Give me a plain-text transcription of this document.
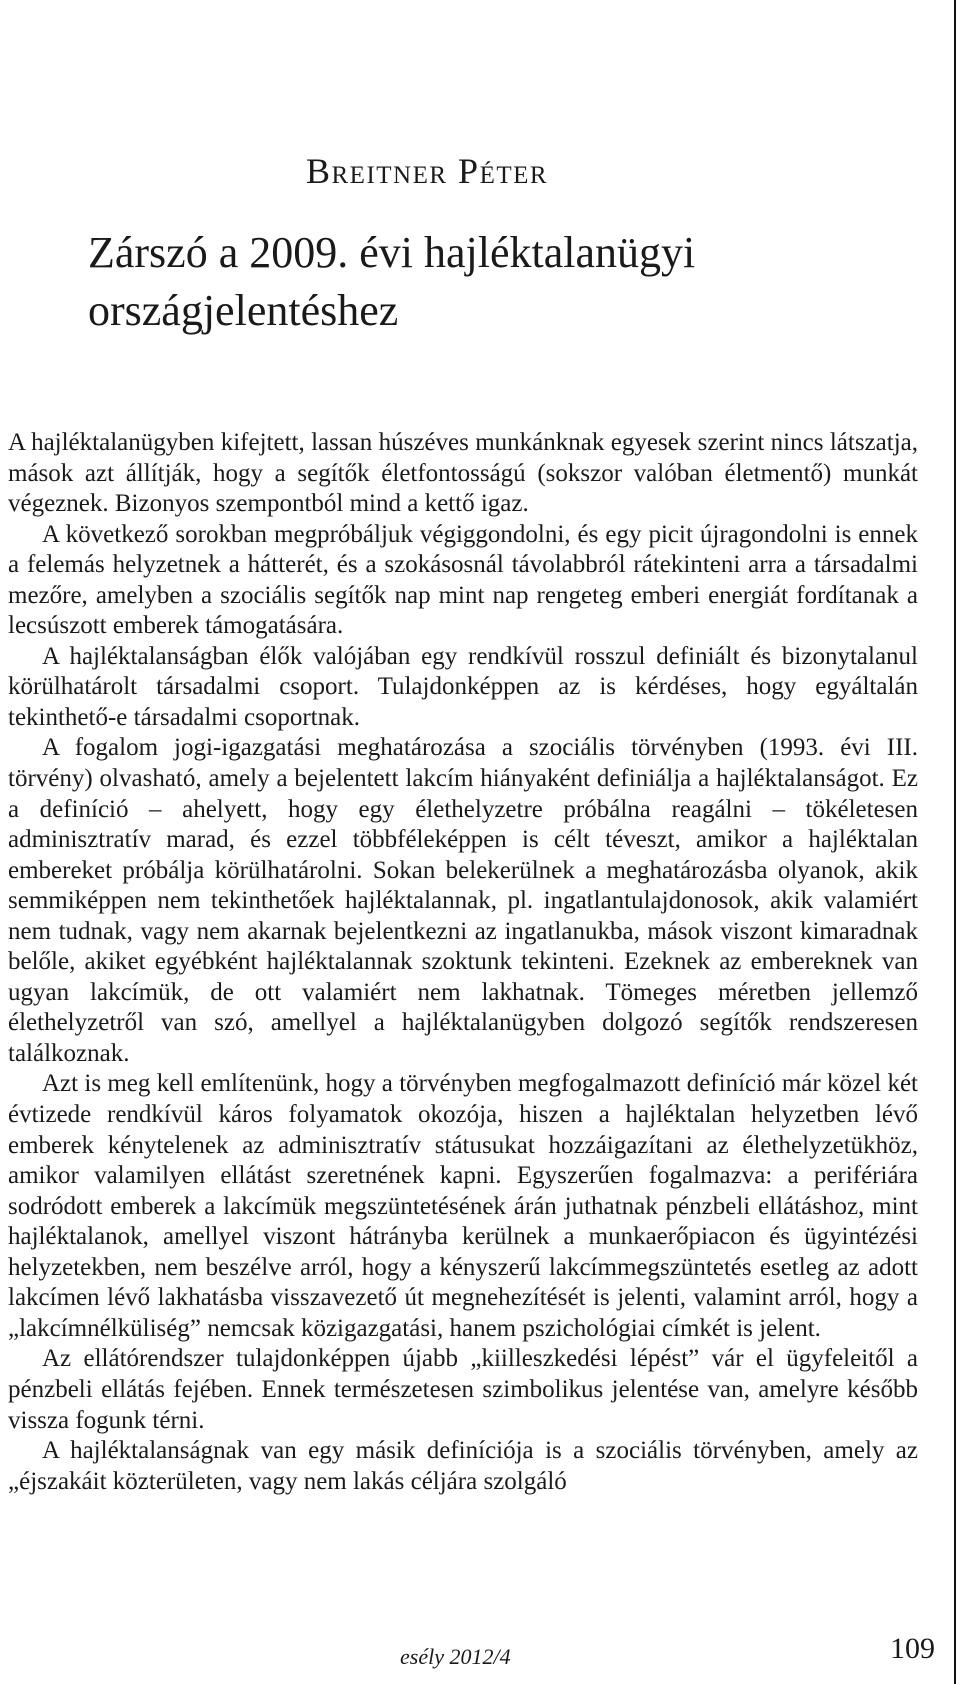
Breitner Péter
Zárszó a 2009. évi hajléktalanügyi
országjelentéshez

A hajléktalanügyben kifejtett, lassan húszéves munkánknak egyesek szerint nincs látszatja, mások azt állítják, hogy a segítők életfontosságú (sokszor valóban életmentő) munkát végeznek. Bizonyos szempontból mind a kettő igaz.

A következő sorokban megpróbáljuk végiggondolni, és egy picit újragondolni is ennek a felemás helyzetnek a hátterét, és a szokásosnál távolabbról rátekinteni arra a társadalmi mezőre, amelyben a szociális segítők nap mint nap rengeteg emberi energiát fordítanak a lecsúszott emberek támogatására.

A hajléktalanságban élők valójában egy rendkívül rosszul definiált és bizonytalanul körülhatárolt társadalmi csoport. Tulajdonképpen az is kérdéses, hogy egyáltalán tekinthető-e társadalmi csoportnak.

A fogalom jogi-igazgatási meghatározása a szociális törvényben (1993. évi III. törvény) olvasható, amely a bejelentett lakcím hiányaként definiálja a hajléktalanságot. Ez a definíció – ahelyett, hogy egy élethelyzetre próbálna reagálni – tökéletesen adminisztratív marad, és ezzel többféleképpen is célt téveszt, amikor a hajléktalan embereket próbálja körülhatárolni. Sokan belekerülnek a meghatározásba olyanok, akik semmiképpen nem tekinthetőek hajléktalannak, pl. ingatlantulajdonosok, akik valamiért nem tudnak, vagy nem akarnak bejelentkezni az ingatlanukba, mások viszont kimaradnak belőle, akiket egyébként hajléktalannak szoktunk tekinteni. Ezeknek az embereknek van ugyan lakcímük, de ott valamiért nem lakhatnak. Tömeges méretben jellemző élethelyzetről van szó, amellyel a hajléktalanügyben dolgozó segítők rendszeresen találkoznak.

Azt is meg kell említenünk, hogy a törvényben megfogalmazott definíció már közel két évtizede rendkívül káros folyamatok okozója, hiszen a hajléktalan helyzetben lévő emberek kénytelenek az adminisztratív státusukat hozzáigazítani az élethelyzetükhöz, amikor valamilyen ellátást szeretnének kapni. Egyszerűen fogalmazva: a perifériára sodródott emberek a lakcímük megszüntetésének árán juthatnak pénzbeli ellátáshoz, mint hajléktalanok, amellyel viszont hátrányba kerülnek a munkaerőpiacon és ügyintézési helyzetekben, nem beszélve arról, hogy a kényszerű lakcímmegszüntetés esetleg az adott lakcímen lévő lakhatásba visszavezető út megnehezítését is jelenti, valamint arról, hogy a „lakcímnélküliség” nemcsak közigazgatási, hanem pszichológiai címkét is jelent.

Az ellátórendszer tulajdonképpen újabb „kiilleszkedési lépést” vár el ügyfeleitől a pénzbeli ellátás fejében. Ennek természetesen szimbolikus jelentése van, amelyre később vissza fogunk térni.

A hajléktalanságnak van egy másik definíciója is a szociális törvényben, amely az „éjszakáit közterületen, vagy nem lakás céljára szolgáló

esély 2012/4	109
